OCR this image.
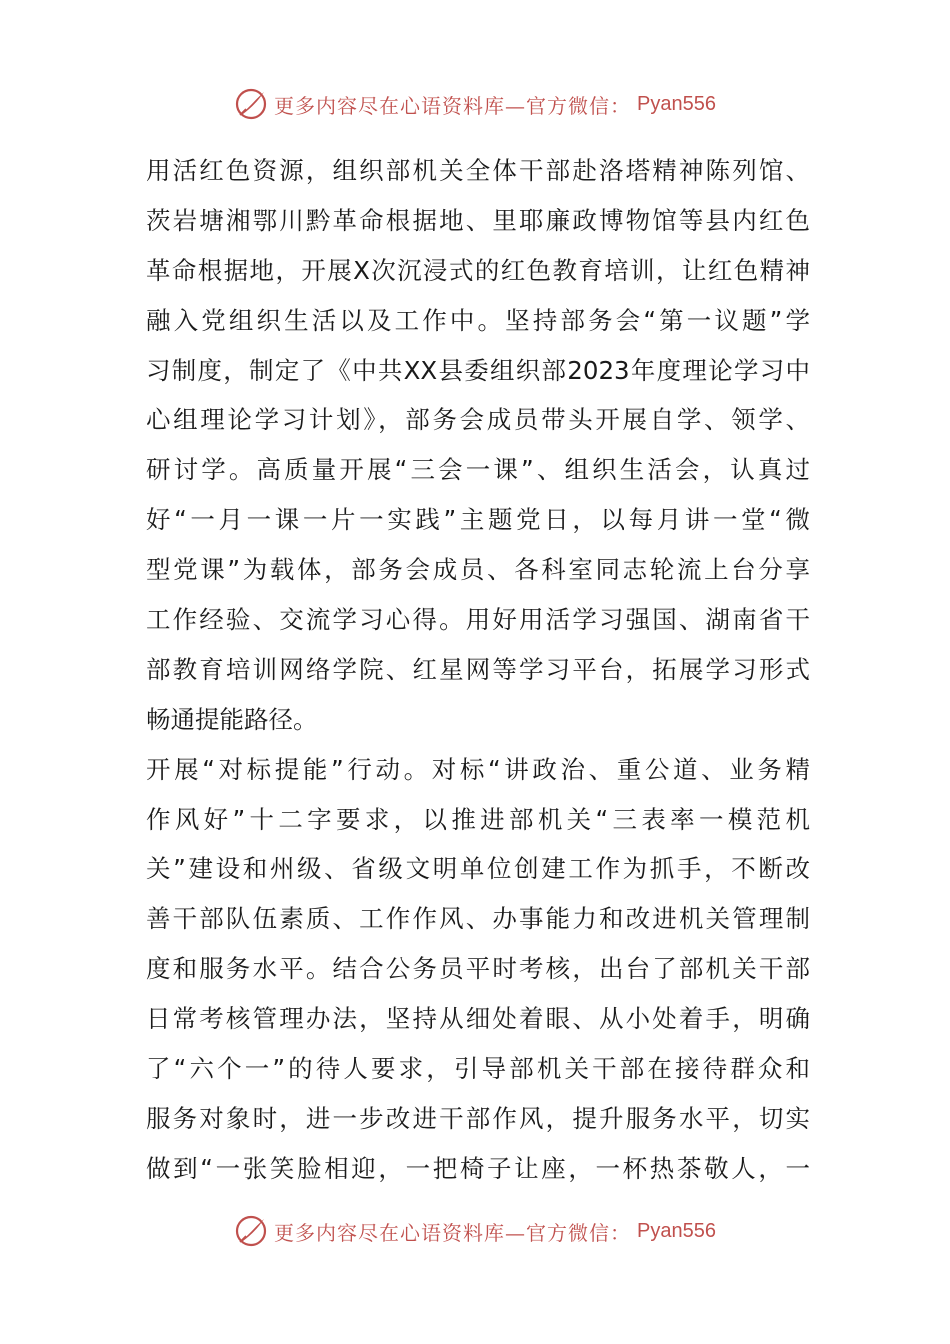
更多内容尽在心语资料库—官方微信： Pyan556
用活红色资源，组织部机关全体干部赴洛塔精神陈列馆、
茨岩塘湘鄂川黔革命根据地、里耶廉政博物馆等县内红色
革命根据地，开展X次沉浸式的红色教育培训，让红色精神
融入党组织生活以及工作中。坚持部务会“第一议题”学
习制度，制定了《中共XX县委组织部2023年度理论学习中
心组理论学习计划》，部务会成员带头开展自学、领学、
研讨学。高质量开展“三会一课”、组织生活会，认真过
好“一月一课一片一实践”主题党日，以每月讲一堂“微
型党课”为载体，部务会成员、各科室同志轮流上台分享
工作经验、交流学习心得。用好用活学习强国、湖南省干
部教育培训网络学院、红星网等学习平台，拓展学习形式
畅通提能路径。
开展“对标提能”行动。对标“讲政治、重公道、业务精
作风好”十二字要求，以推进部机关“三表率一模范机
关”建设和州级、省级文明单位创建工作为抓手，不断改
善干部队伍素质、工作作风、办事能力和改进机关管理制
度和服务水平。结合公务员平时考核，出台了部机关干部
日常考核管理办法，坚持从细处着眼、从小处着手，明确
了“六个一”的待人要求，引导部机关干部在接待群众和
服务对象时，进一步改进干部作风，提升服务水平，切实
做到“一张笑脸相迎，一把椅子让座，一杯热茶敬人，一
更多内容尽在心语资料库—官方微信： Pyan556
